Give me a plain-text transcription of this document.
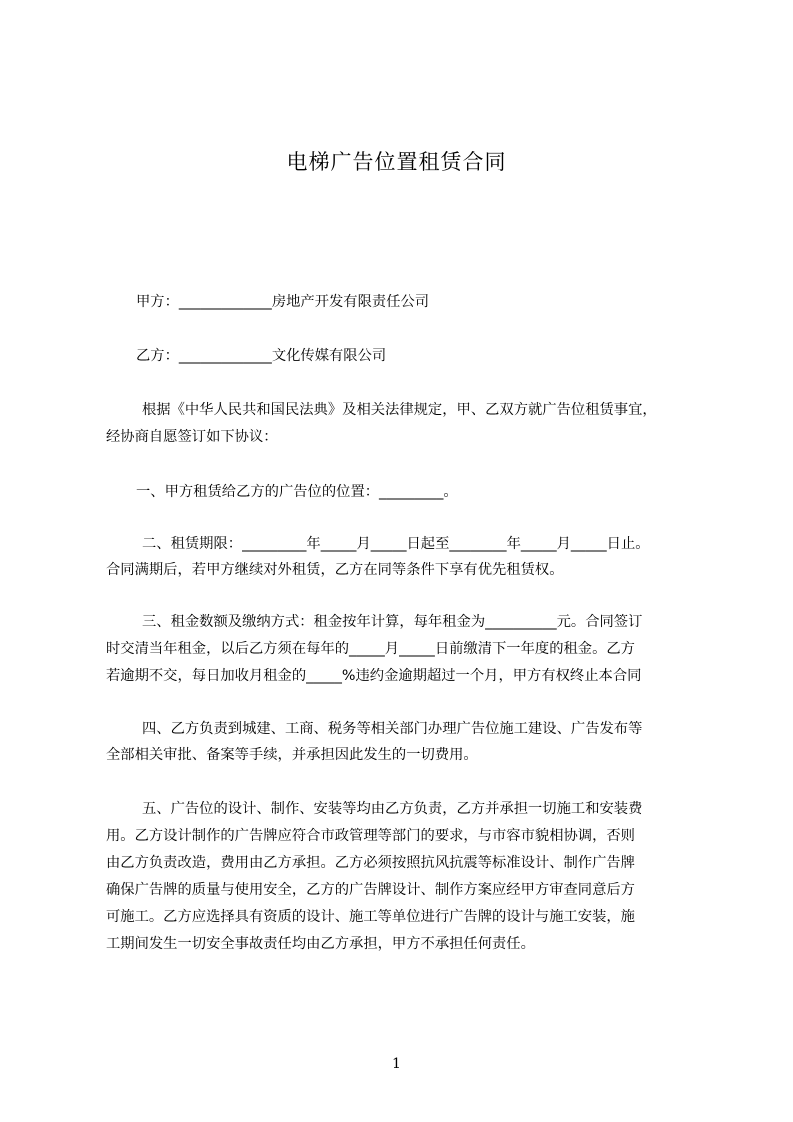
电梯广告位置租赁合同
甲方：_____________房地产开发有限责任公司
乙方：_____________文化传媒有限公司
根据《中华人民共和国民法典》及相关法律规定，甲、乙双方就广告位租赁事宜，
经协商自愿签订如下协议：
一、甲方租赁给乙方的广告位的位置：_________。
二、租赁期限：_________年_____月_____日起至________年_____月_____日止。
合同满期后，若甲方继续对外租赁，乙方在同等条件下享有优先租赁权。
三、租金数额及缴纳方式：租金按年计算，每年租金为__________元。合同签订
时交清当年租金，以后乙方须在每年的_____月_____日前缴清下一年度的租金。乙方
若逾期不交，每日加收月租金的_____%违约金逾期超过一个月，甲方有权终止本合同
四、乙方负责到城建、工商、税务等相关部门办理广告位施工建设、广告发布等
全部相关审批、备案等手续，并承担因此发生的一切费用。
五、广告位的设计、制作、安装等均由乙方负责，乙方并承担一切施工和安装费
用。乙方设计制作的广告牌应符合市政管理等部门的要求，与市容市貌相协调，否则
由乙方负责改造，费用由乙方承担。乙方必须按照抗风抗震等标准设计、制作广告牌
确保广告牌的质量与使用安全，乙方的广告牌设计、制作方案应经甲方审查同意后方
可施工。乙方应选择具有资质的设计、施工等单位进行广告牌的设计与施工安装，施
工期间发生一切安全事故责任均由乙方承担，甲方不承担任何责任。
1
